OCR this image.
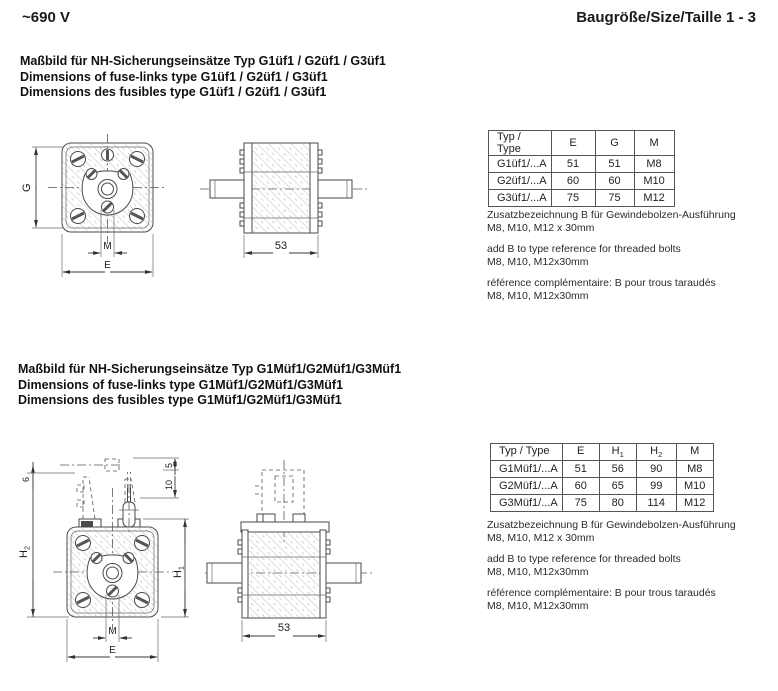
~690 V	Baugröße/Size/Taille 1 - 3
Maßbild für NH-Sicherungseinsätze Typ G1üf1 / G2üf1 / G3üf1
Dimensions of fuse-links type G1üf1 / G2üf1 / G3üf1
Dimensions des fusibles type G1üf1 / G2üf1 / G3üf1
G
M
E
53
Typ / Type	E	G	M
G1üf1/...A	51	51	M8
G2üf1/...A	60	60	M10
G3üf1/...A	75	75	M12

Zusatzbezeichnung B für Gewindebolzen-Ausführung
M8, M10, M12 x 30mm

add B to type reference for threaded bolts
M8, M10, M12x30mm

référence complémentaire: B pour trous taraudés
M8, M10, M12x30mm

Maßbild für NH-Sicherungseinsätze Typ G1Müf1/G2Müf1/G3Müf1
Dimensions of fuse-links type G1Müf1/G2Müf1/G3Müf1
Dimensions des fusibles type G1Müf1/G2Müf1/G3Müf1
6
$H_2$
5
10
$H_1$
M
E
53
Typ / Type	E	$H_1$	$H_2$	M
G1Müf1/...A	51	56	90	M8
G2Müf1/...A	60	65	99	M10
G3Müf1/...A	75	80	114	M12

Zusatzbezeichnung B für Gewindebolzen-Ausführung
M8, M10, M12 x 30mm

add B to type reference for threaded bolts
M8, M10, M12x30mm

référence complémentaire: B pour trous taraudés
M8, M10, M12x30mm
